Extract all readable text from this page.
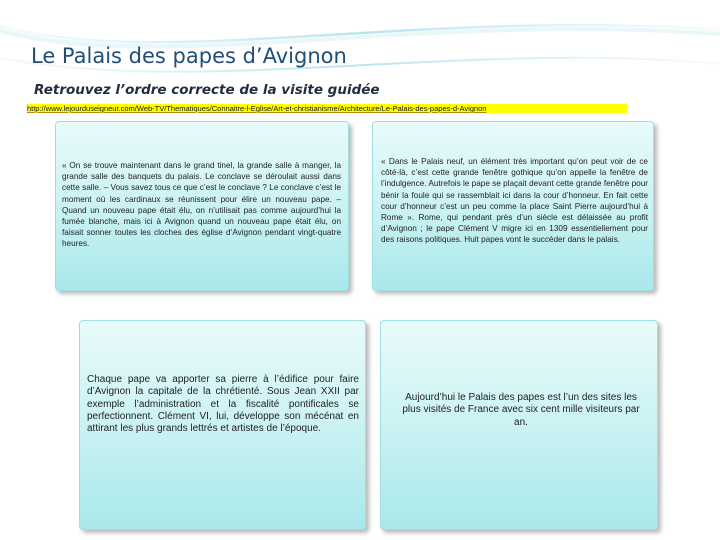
Le Palais des papes d’Avignon
Retrouvez l’ordre correcte de la visite guidée
http://www.lejourduseigneur.com/Web-TV/Thematiques/Connaitre-l-Eglise/Art-et-christianisme/Architecture/Le-Palais-des-papes-d-Avignon

« On se trouve maintenant dans le grand tinel, la grande salle à manger, la grande salle des banquets du palais. Le conclave se déroulait aussi dans cette salle. – Vous savez tous ce que c’est le conclave ? Le conclave c’est le moment où les cardinaux se réunissent pour élire un nouveau pape. – Quand un nouveau pape était élu, on n’utilisait pas comme aujourd’hui la fumée blanche, mais ici à Avignon quand un nouveau pape était élu, on faisait sonner toutes les cloches des église d’Avignon pendant vingt-quatre heures.

« Dans le Palais neuf, un élément très important qu’on peut voir de ce côté-là, c’est cette grande fenêtre gothique qu’on appelle la fenêtre de l’indulgence. Autrefois le pape se plaçait devant cette grande fenêtre pour bénir la foule qui se rassemblait ici dans la cour d’honneur. En fait cette cour d’honneur c’est un peu comme la place Saint Pierre aujourd’hui à Rome ». Rome, qui pendant près d’un siècle est délaissée au profit d’Avignon ; le pape Clément V migre ici en 1309 essentiellement pour des raisons politiques. Huit papes vont le succéder dans le palais.

Chaque pape va apporter sa pierre à l’édifice pour faire d’Avignon la capitale de la chrétienté. Sous Jean XXII par exemple l’administration et la fiscalité pontificales se perfectionnent. Clément VI, lui, développe son mécénat en attirant les plus grands lettrés et artistes de l’époque.

Aujourd’hui le Palais des papes est l’un des sites les plus visités de France avec six cent mille visiteurs par an.
